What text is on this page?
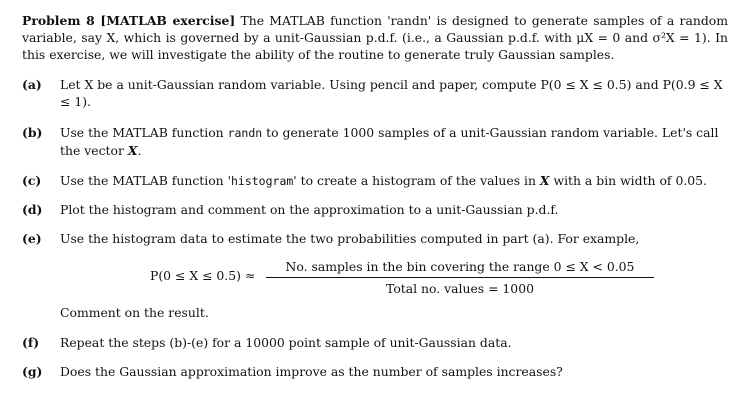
Problem 8 [MATLAB exercise] The MATLAB function 'randn' is designed to generate samples of a random variable, say X, which is governed by a unit-Gaussian p.d.f. (i.e., a Gaussian p.d.f. with μX = 0 and σ²X = 1). In this exercise, we will investigate the ability of the routine to generate truly Gaussian samples.
(a) Let X be a unit-Gaussian random variable. Using pencil and paper, compute P(0 ≤ X ≤ 0.5) and P(0.9 ≤ X ≤ 1).
(b) Use the MATLAB function randn to generate 1000 samples of a unit-Gaussian random variable. Let's call the vector X.
(c) Use the MATLAB function 'histogram' to create a histogram of the values in X with a bin width of 0.05.
(d) Plot the histogram and comment on the approximation to a unit-Gaussian p.d.f.
(e) Use the histogram data to estimate the two probabilities computed in part (a). For example,
P(0 ≤ X ≤ 0.5) ≈
No. samples in the bin covering the range 0 ≤ X < 0.05
Total no. values = 1000
Comment on the result.
(f) Repeat the steps (b)-(e) for a 10000 point sample of unit-Gaussian data.
(g) Does the Gaussian approximation improve as the number of samples increases?
